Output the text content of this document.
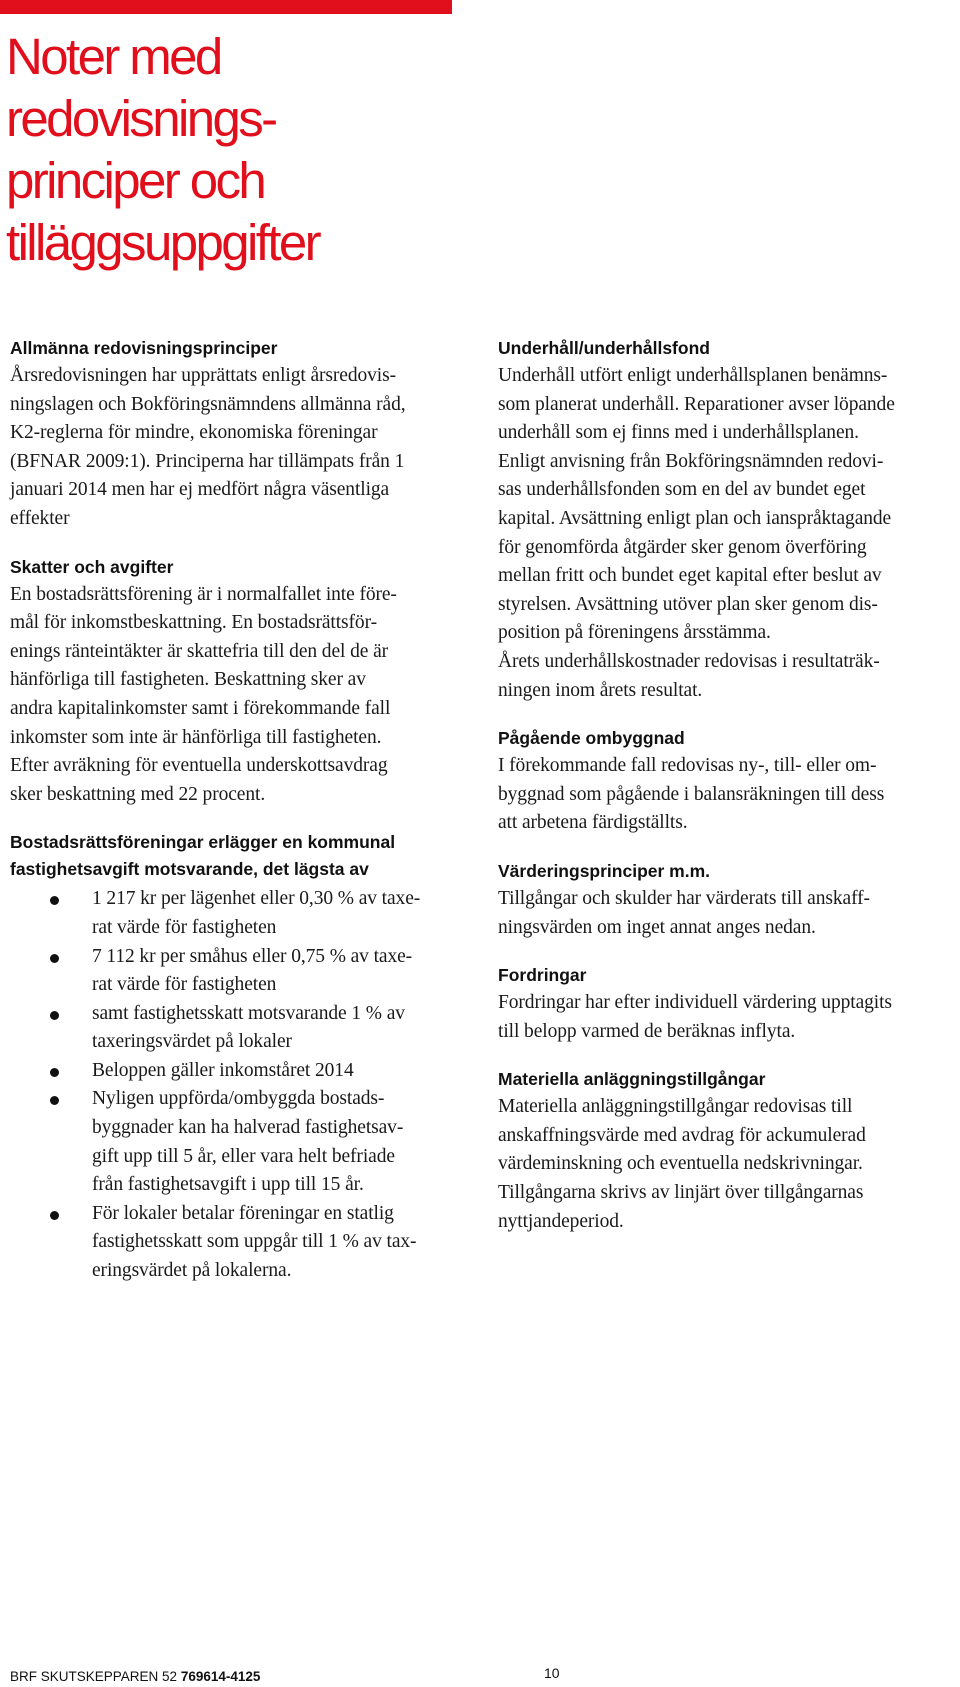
Noter med
redovisnings-
principer och
tilläggsuppgifter
Allmänna redovisningsprinciper
Årsredovisningen har upprättats enligt årsredovis-
ningslagen och Bokföringsnämndens allmänna råd,
K2-reglerna för mindre, ekonomiska föreningar
(BFNAR 2009:1). Principerna har tillämpats från 1
januari 2014 men har ej medfört några väsentliga
effekter
Skatter och avgifter
En bostadsrättsförening är i normalfallet inte före-
mål för inkomstbeskattning. En bostadsrättsför-
enings ränteintäkter är skattefria till den del de är
hänförliga till fastigheten. Beskattning sker av
andra kapitalinkomster samt i förekommande fall
inkomster som inte är hänförliga till fastigheten.
Efter avräkning för eventuella underskottsavdrag
sker beskattning med 22 procent.
Bostadsrättsföreningar erlägger en kommunal
fastighetsavgift motsvarande, det lägsta av
1 217 kr per lägenhet eller 0,30 % av taxe-
rat värde för fastigheten
7 112 kr per småhus eller 0,75 % av taxe-
rat värde för fastigheten
samt fastighetsskatt motsvarande 1 % av
taxeringsvärdet på lokaler
Beloppen gäller inkomståret 2014
Nyligen uppförda/ombyggda bostads-
byggnader kan ha halverad fastighetsav-
gift upp till 5 år, eller vara helt befriade
från fastighetsavgift i upp till 15 år.
För lokaler betalar föreningar en statlig
fastighetsskatt som uppgår till 1 % av tax-
eringsvärdet på lokalerna.
Underhåll/underhållsfond
Underhåll utfört enligt underhållsplanen benämns-
som planerat underhåll. Reparationer avser löpande
underhåll som ej finns med i underhållsplanen.
Enligt anvisning från Bokföringsnämnden redovi-
sas underhållsfonden som en del av bundet eget
kapital. Avsättning enligt plan och ianspråktagande
för genomförda åtgärder sker genom överföring
mellan fritt och bundet eget kapital efter beslut av
styrelsen. Avsättning utöver plan sker genom dis-
position på föreningens årsstämma.
Årets underhållskostnader redovisas i resultaträk-
ningen inom årets resultat.
Pågående ombyggnad
I förekommande fall redovisas ny-, till- eller om-
byggnad som pågående i balansräkningen till dess
att arbetena färdigställts.
Värderingsprinciper m.m.
Tillgångar och skulder har värderats till anskaff-
ningsvärden om inget annat anges nedan.
Fordringar
Fordringar har efter individuell värdering upptagits
till belopp varmed de beräknas inflyta.
Materiella anläggningstillgångar
Materiella anläggningstillgångar redovisas till
anskaffningsvärde med avdrag för ackumulerad
värdeminskning och eventuella nedskrivningar.
Tillgångarna skrivs av linjärt över tillgångarnas
nyttjandeperiod.
BRF SKUTSKEPPAREN 52 769614-4125	10
